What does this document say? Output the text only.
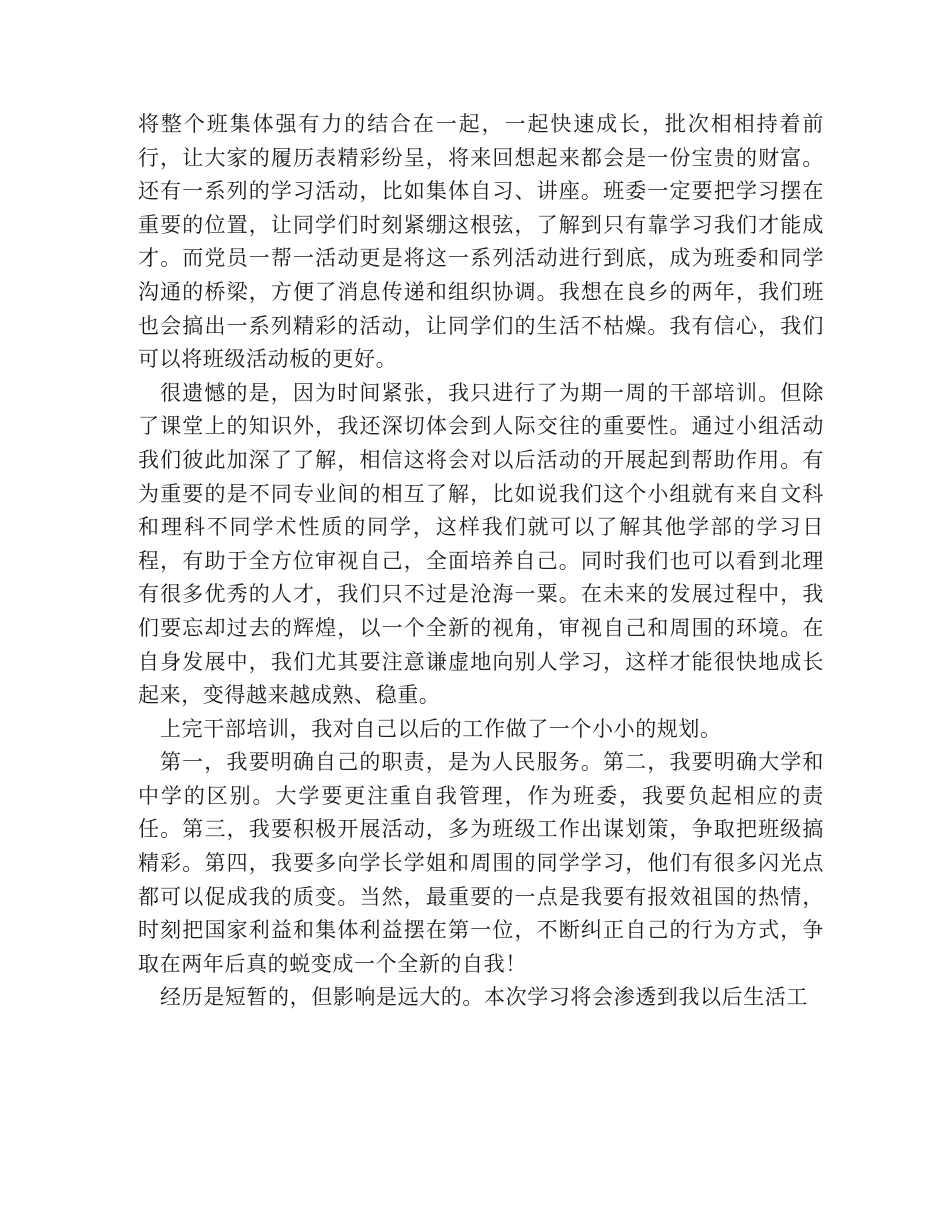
将整个班集体强有力的结合在一起，一起快速成长，批次相相持着前行，让大家的履历表精彩纷呈，将来回想起来都会是一份宝贵的财富。还有一系列的学习活动，比如集体自习、讲座。班委一定要把学习摆在重要的位置，让同学们时刻紧绷这根弦，了解到只有靠学习我们才能成才。而党员一帮一活动更是将这一系列活动进行到底，成为班委和同学沟通的桥梁，方便了消息传递和组织协调。我想在良乡的两年，我们班也会搞出一系列精彩的活动，让同学们的生活不枯燥。我有信心，我们可以将班级活动板的更好。

很遗憾的是，因为时间紧张，我只进行了为期一周的干部培训。但除了课堂上的知识外，我还深切体会到人际交往的重要性。通过小组活动我们彼此加深了了解，相信这将会对以后活动的开展起到帮助作用。有为重要的是不同专业间的相互了解，比如说我们这个小组就有来自文科和理科不同学术性质的同学，这样我们就可以了解其他学部的学习日程，有助于全方位审视自己，全面培养自己。同时我们也可以看到北理有很多优秀的人才，我们只不过是沧海一粟。在未来的发展过程中，我们要忘却过去的辉煌，以一个全新的视角，审视自己和周围的环境。在自身发展中，我们尤其要注意谦虚地向别人学习，这样才能很快地成长起来，变得越来越成熟、稳重。

上完干部培训，我对自己以后的工作做了一个小小的规划。

第一，我要明确自己的职责，是为人民服务。第二，我要明确大学和中学的区别。大学要更注重自我管理，作为班委，我要负起相应的责任。第三，我要积极开展活动，多为班级工作出谋划策，争取把班级搞精彩。第四，我要多向学长学姐和周围的同学学习，他们有很多闪光点都可以促成我的质变。当然，最重要的一点是我要有报效祖国的热情，时刻把国家利益和集体利益摆在第一位，不断纠正自己的行为方式，争取在两年后真的蜕变成一个全新的自我！

经历是短暂的，但影响是远大的。本次学习将会渗透到我以后生活工
